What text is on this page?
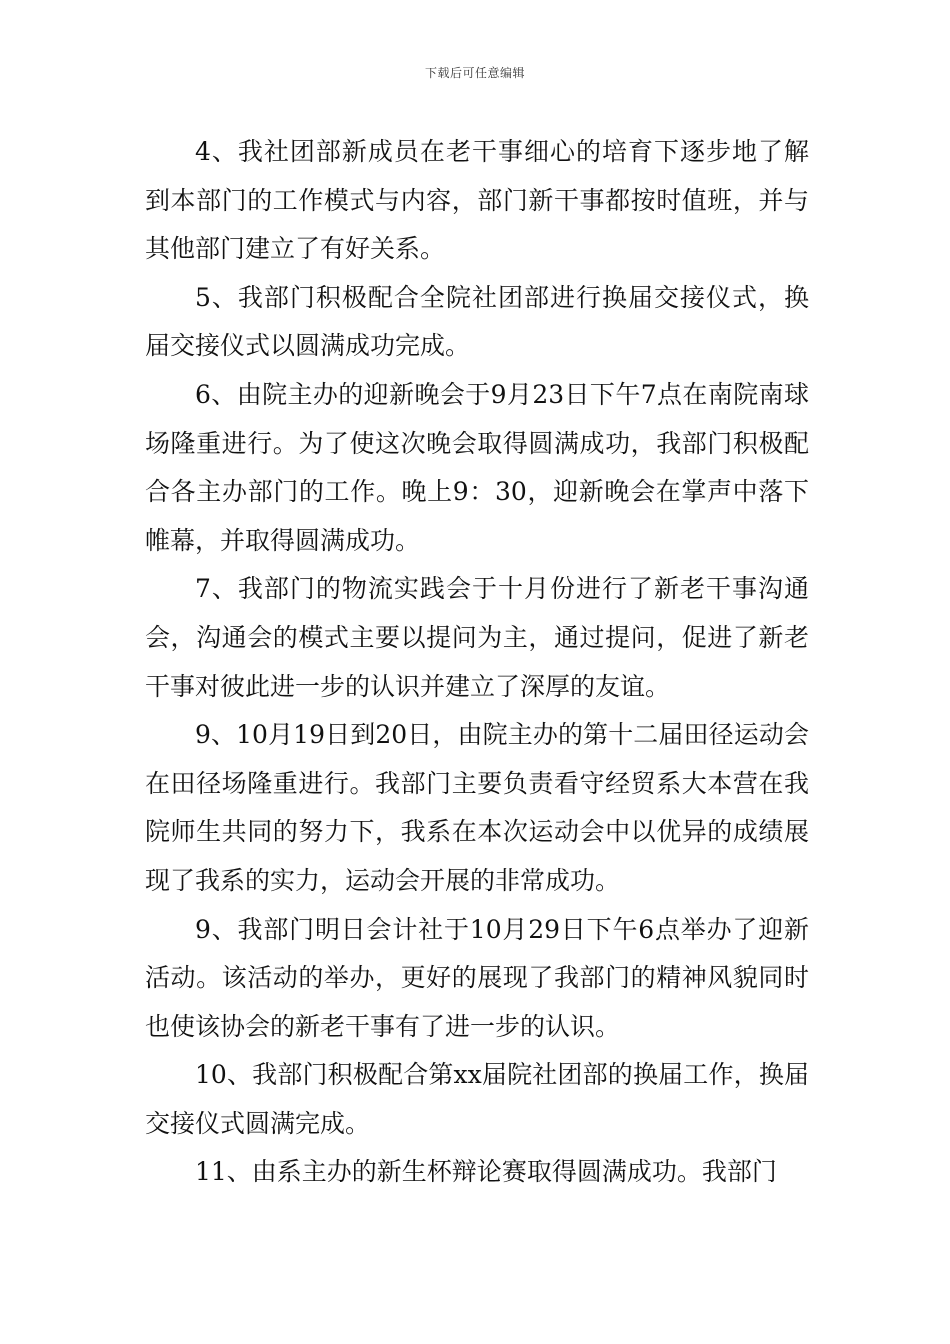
下载后可任意编辑

4、我社团部新成员在老干事细心的培育下逐步地了解到本部门的工作模式与内容，部门新干事都按时值班，并与其他部门建立了有好关系。

5、我部门积极配合全院社团部进行换届交接仪式，换届交接仪式以圆满成功完成。

6、由院主办的迎新晚会于9月23日下午7点在南院南球场隆重进行。为了使这次晚会取得圆满成功，我部门积极配合各主办部门的工作。晚上9：30，迎新晚会在掌声中落下帷幕，并取得圆满成功。

7、我部门的物流实践会于十月份进行了新老干事沟通会，沟通会的模式主要以提问为主，通过提问，促进了新老干事对彼此进一步的认识并建立了深厚的友谊。

9、10月19日到20日，由院主办的第十二届田径运动会在田径场隆重进行。我部门主要负责看守经贸系大本营在我院师生共同的努力下，我系在本次运动会中以优异的成绩展现了我系的实力，运动会开展的非常成功。

9、我部门明日会计社于10月29日下午6点举办了迎新活动。该活动的举办，更好的展现了我部门的精神风貌同时也使该协会的新老干事有了进一步的认识。

10、我部门积极配合第xx届院社团部的换届工作，换届交接仪式圆满完成。

11、由系主办的新生杯辩论赛取得圆满成功。我部门
